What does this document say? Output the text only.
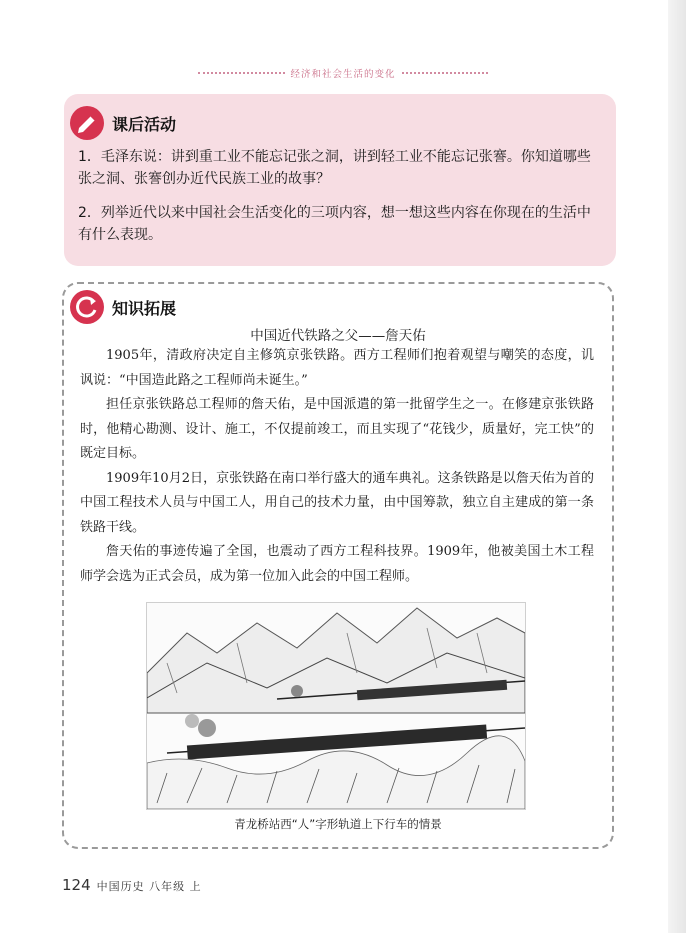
经济和社会生活的变化
课后活动
1．毛泽东说：讲到重工业不能忘记张之洞，讲到轻工业不能忘记张謇。你知道哪些张之洞、张謇创办近代民族工业的故事？
2．列举近代以来中国社会生活变化的三项内容，想一想这些内容在你现在的生活中有什么表现。
知识拓展
中国近代铁路之父——詹天佑

1905年，清政府决定自主修筑京张铁路。西方工程师们抱着观望与嘲笑的态度，讥讽说：“中国造此路之工程师尚未诞生。”

担任京张铁路总工程师的詹天佑，是中国派遣的第一批留学生之一。在修建京张铁路时，他精心勘测、设计、施工，不仅提前竣工，而且实现了“花钱少，质量好，完工快”的既定目标。

1909年10月2日，京张铁路在南口举行盛大的通车典礼。这条铁路是以詹天佑为首的中国工程技术人员与中国工人，用自己的技术力量，由中国筹款，独立自主建成的第一条铁路干线。

詹天佑的事迹传遍了全国，也震动了西方工程科技界。1909年，他被美国土木工程师学会选为正式会员，成为第一位加入此会的中国工程师。

青龙桥站西“人”字形轨道上下行车的情景
124 中国历史 八年级 上
